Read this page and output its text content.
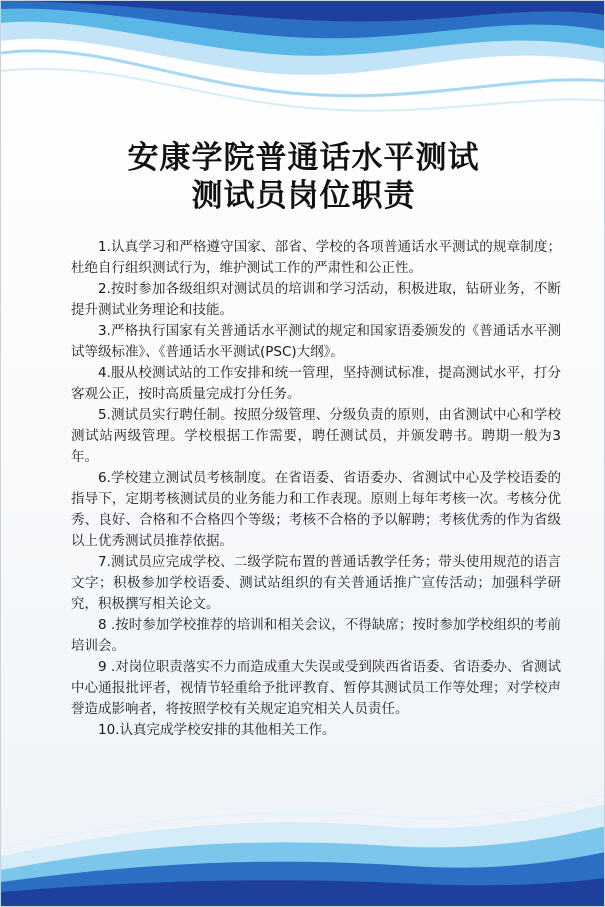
安康学院普通话水平测试
测试员岗位职责

1.认真学习和严格遵守国家、部省、学校的各项普通话水平测试的规章制度；杜绝自行组织测试行为，维护测试工作的严肃性和公正性。

2.按时参加各级组织对测试员的培训和学习活动，积极进取，钻研业务，不断提升测试业务理论和技能。

3.严格执行国家有关普通话水平测试的规定和国家语委颁发的《普通话水平测试等级标准》、《普通话水平测试(PSC)大纲》。

4.服从校测试站的工作安排和统一管理，坚持测试标准，提高测试水平，打分客观公正，按时高质量完成打分任务。

5.测试员实行聘任制。按照分级管理、分级负责的原则，由省测试中心和学校测试站两级管理。学校根据工作需要，聘任测试员，并颁发聘书。聘期一般为3年。

6.学校建立测试员考核制度。在省语委、省语委办、省测试中心及学校语委的指导下，定期考核测试员的业务能力和工作表现。原则上每年考核一次。考核分优秀、良好、合格和不合格四个等级；考核不合格的予以解聘；考核优秀的作为省级以上优秀测试员推荐依据。

7.测试员应完成学校、二级学院布置的普通话教学任务；带头使用规范的语言文字；积极参加学校语委、测试站组织的有关普通话推广宣传活动；加强科学研究，积极撰写相关论文。

8 .按时参加学校推荐的培训和相关会议，不得缺席；按时参加学校组织的考前培训会。

9 .对岗位职责落实不力而造成重大失误或受到陕西省语委、省语委办、省测试中心通报批评者，视情节轻重给予批评教育、暂停其测试员工作等处理；对学校声誉造成影响者，将按照学校有关规定追究相关人员责任。

10.认真完成学校安排的其他相关工作。
